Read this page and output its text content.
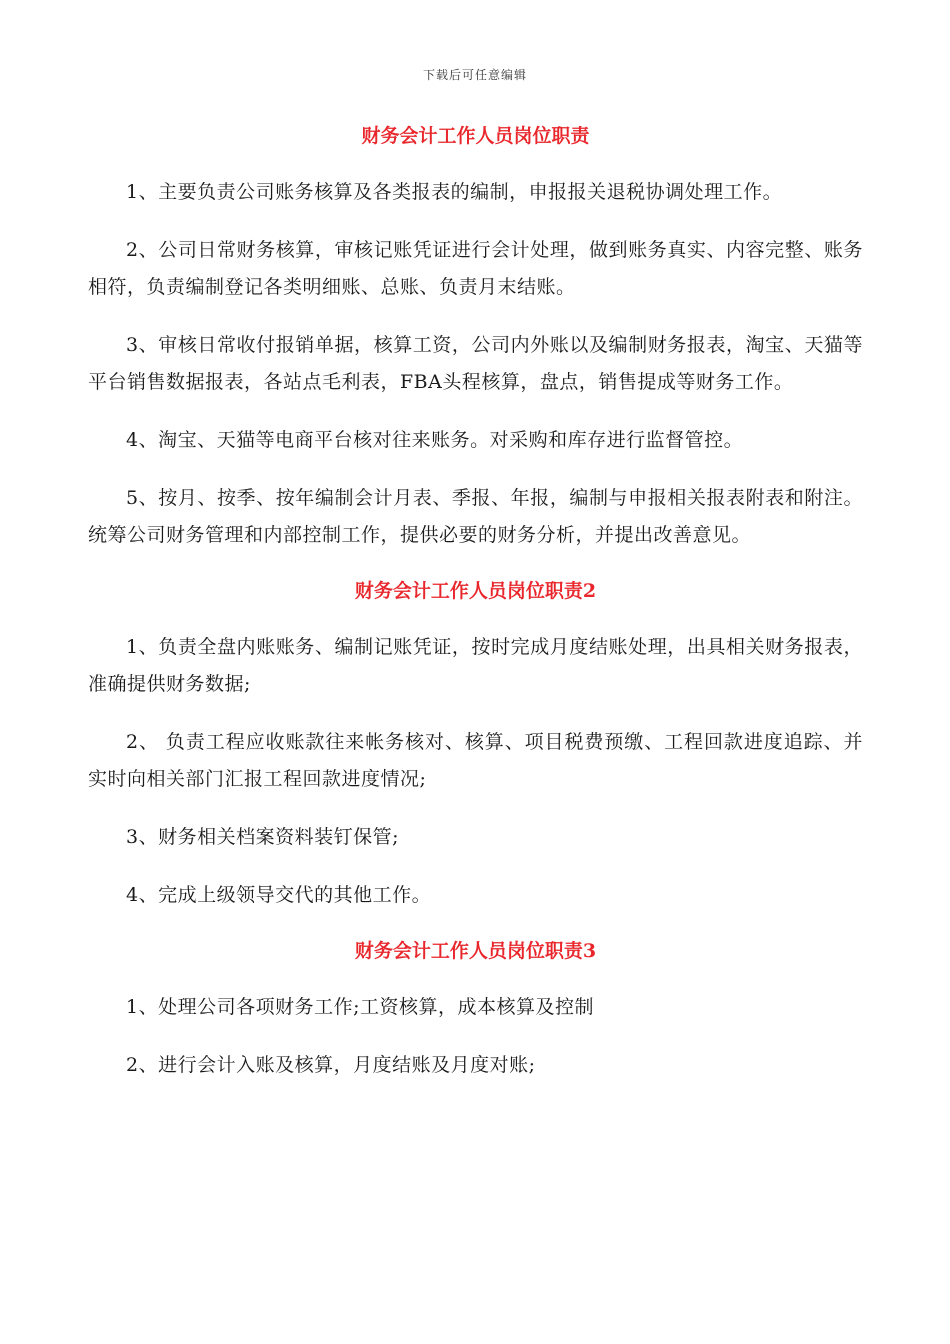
下载后可任意编辑
财务会计工作人员岗位职责

1、主要负责公司账务核算及各类报表的编制，申报报关退税协调处理工作。

2、公司日常财务核算，审核记账凭证进行会计处理，做到账务真实、内容完整、账务相符，负责编制登记各类明细账、总账、负责月末结账。

3、审核日常收付报销单据，核算工资，公司内外账以及编制财务报表，淘宝、天猫等平台销售数据报表，各站点毛利表，FBA头程核算，盘点，销售提成等财务工作。

4、淘宝、天猫等电商平台核对往来账务。对采购和库存进行监督管控。

5、按月、按季、按年编制会计月表、季报、年报，编制与申报相关报表附表和附注。统筹公司财务管理和内部控制工作，提供必要的财务分析，并提出改善意见。

财务会计工作人员岗位职责2

1、负责全盘内账账务、编制记账凭证，按时完成月度结账处理，出具相关财务报表，准确提供财务数据;

2、 负责工程应收账款往来帐务核对、核算、项目税费预缴、工程回款进度追踪、并实时向相关部门汇报工程回款进度情况;

3、财务相关档案资料装钉保管;

4、完成上级领导交代的其他工作。

财务会计工作人员岗位职责3

1、处理公司各项财务工作;工资核算，成本核算及控制

2、进行会计入账及核算，月度结账及月度对账;
